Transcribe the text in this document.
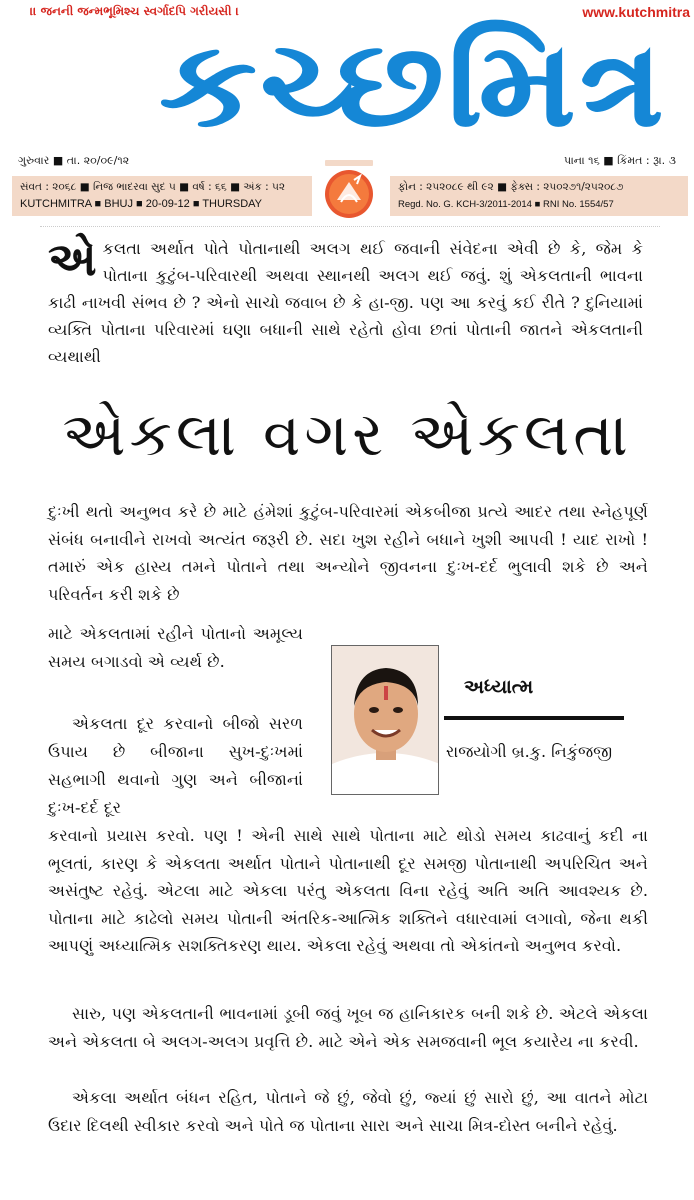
।। જનની જન્મભૂમિશ્ચ સ્વર્ગાદપિ ગરીયસી ।	www.kutchmitra
કચ્છમિત્ર
ગુરુવાર ■ તા. ૨૦/૦૯/૧૨	પાના ૧૬ ■ કિંમત : રૂા. ૩
સંવત : ૨૦૬૮ ■ નિજ ભાદરવા સુદ ૫ ■ વર્ષ : ૬૬ ■ અંક : ૫૨
KUTCHMITRA ■ BHUJ ■ 20-09-12 ■ THURSDAY
ફોન : ૨૫૨૦૮૯ થી ૯૨ ■ ફેક્સ : ૨૫૦૨૭૧/૨૫૨૦૮૭
Regd. No. G. KCH-3/2011-2014 ■ RNI No. 1554/57
એ કલતા અર્થાત પોતે પોતાનાથી અલગ થઈ જવાની સંવેદના એવી છે કે, જેમ કે પોતાના કુટુંબ-પરિવારથી અથવા સ્થાનથી અલગ થઈ જવું. શું એકલતાની ભાવના કાઢી નાખવી સંભવ છે ? એનો સાચો જવાબ છે કે હા-જી. પણ આ કરવું કઈ રીતે ? દુનિયામાં વ્યક્તિ પોતાના પરિવારમાં ઘણા બધાની સાથે રહેતો હોવા છતાં પોતાની જાતને એકલતાની વ્યથાથી
એકલા વગર એકલતા

દુઃખી થતો અનુભવ કરે છે માટે હંમેશાં કુટુંબ-પરિવારમાં એકબીજા પ્રત્યે આદર તથા સ્નેહપૂર્ણ સંબંધ બનાવીને રાખવો અત્યંત જરૂરી છે. સદા ખુશ રહીને બધાને ખુશી આપવી ! યાદ રાખો ! તમારું એક હાસ્ય તમને પોતાને તથા અન્યોને જીવનના દુઃખ-દર્દ ભુલાવી શકે છે અને પરિવર્તન કરી શકે છે

માટે એકલતામાં રહીને પોતાનો અમૂલ્ય સમય બગાડવો એ વ્યર્થ છે.

એકલતા દૂર કરવાનો બીજો સરળ ઉપાય છે બીજાના સુખ-દુઃખમાં સહભાગી થવાનો ગુણ અને બીજાનાં દુઃખ-દર્દ દૂર

અધ્યાત્મ
રાજયોગી બ્ર.કુ. નિકુંજજી

કરવાનો પ્રયાસ કરવો. પણ ! એની સાથે સાથે પોતાના માટે થોડો સમય કાઢવાનું કદી ના ભૂલતાં, કારણ કે એકલતા અર્થાત પોતાને પોતાનાથી દૂર સમજી પોતાનાથી અપરિચિત અને અસંતુષ્ટ રહેવું. એટલા માટે એકલા પરંતુ એકલતા વિના રહેવું અતિ અતિ આવશ્યક છે. પોતાના માટે કાઢેલો સમય પોતાની અંતરિક-આત્મિક શક્તિને વધારવામાં લગાવો, જેના થકી આપણું અધ્યાત્મિક સશક્તિકરણ થાય. એકલા રહેવું અથવા તો એકાંતનો અનુભવ કરવો.

સારુ, પણ એકલતાની ભાવનામાં ડૂબી જવું ખૂબ જ હાનિકારક બની શકે છે. એટલે એકલા અને એકલતા બે અલગ-અલગ પ્રવૃત્તિ છે. માટે એને એક સમજવાની ભૂલ કયારેય ના કરવી.

એકલા અર્થાત બંધન રહિત, પોતાને જે છું, જેવો છું, જ્યાં છું સારો છું, આ વાતને મોટા ઉદાર દિલથી સ્વીકાર કરવો અને પોતે જ પોતાના સારા અને સાચા મિત્ર-દોસ્ત બનીને રહેવું.
